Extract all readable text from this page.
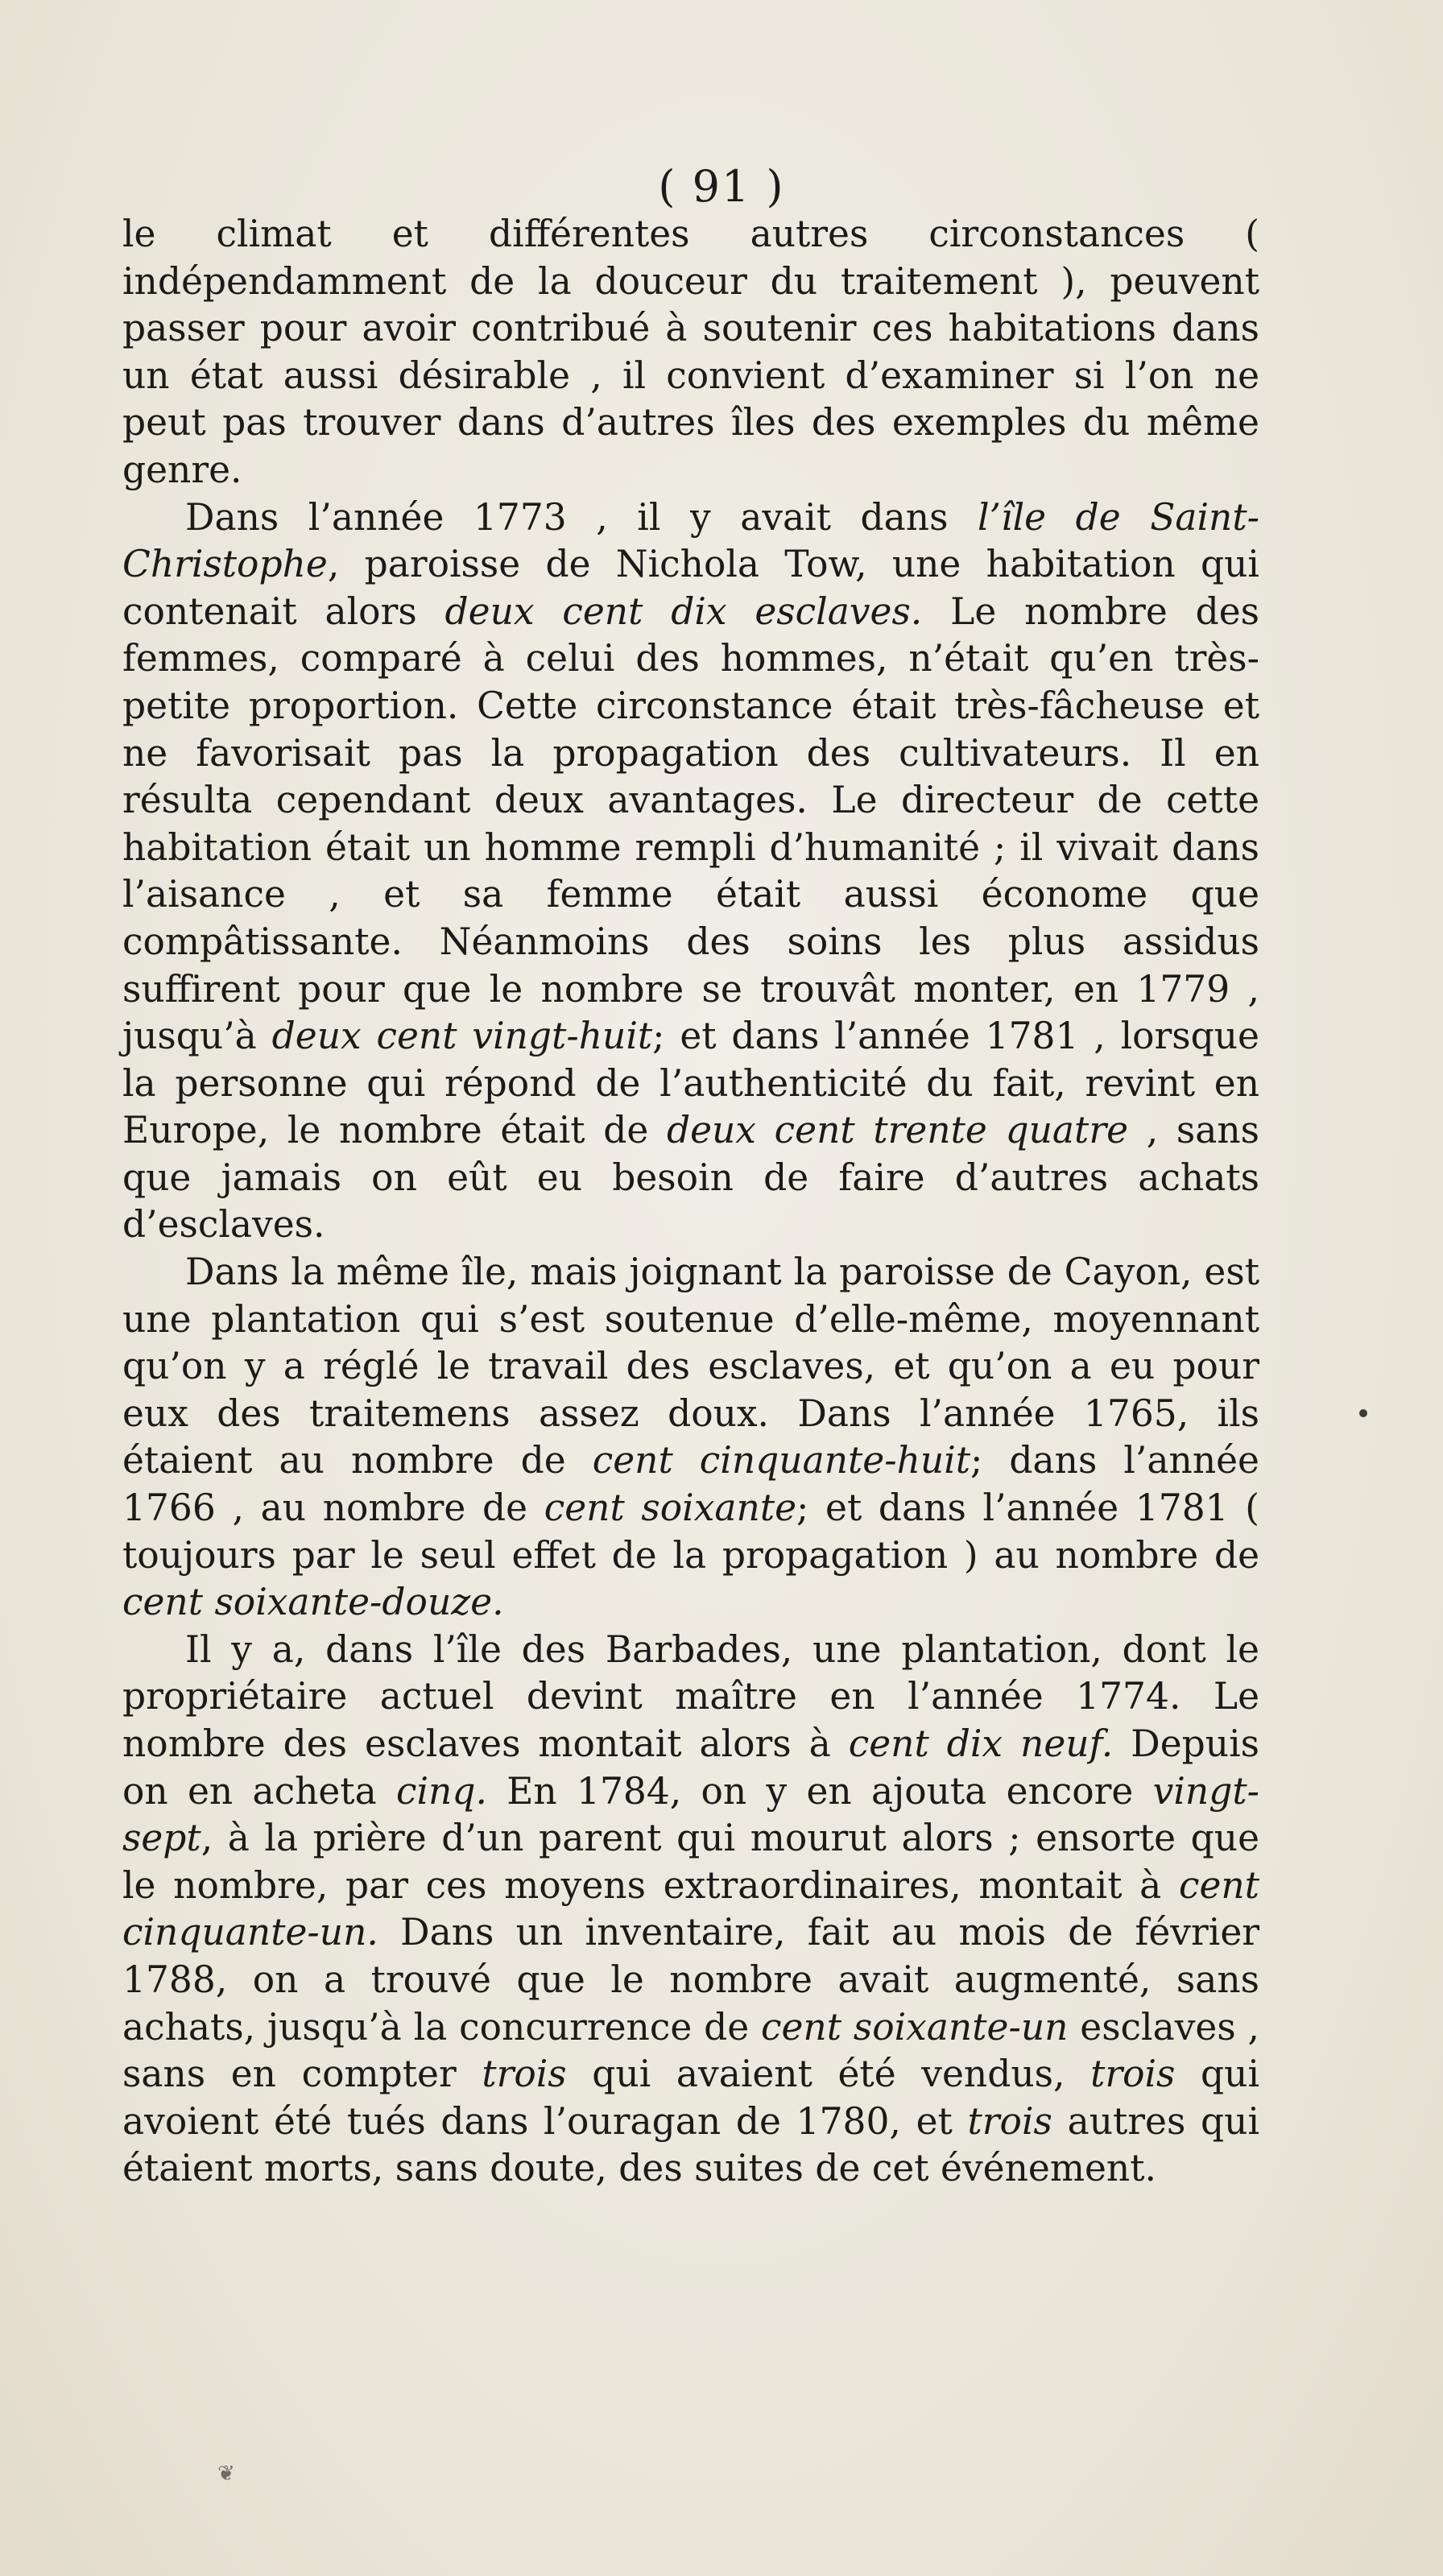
( 91 )

le climat et différentes autres circonstances ( indépendamment de la douceur du traitement ), peuvent passer pour avoir contribué à soutenir ces habitations dans un état aussi désirable , il convient d’examiner si l’on ne peut pas trouver dans d’autres îles des exemples du même genre.

Dans l’année 1773 , il y avait dans l’île de Saint-Christophe, paroisse de Nichola Tow, une habitation qui contenait alors deux cent dix esclaves. Le nombre des femmes, comparé à celui des hommes, n’était qu’en très-petite proportion. Cette circonstance était très-fâcheuse et ne favorisait pas la propagation des cultivateurs. Il en résulta cependant deux avantages. Le directeur de cette habitation était un homme rempli d’humanité ; il vivait dans l’aisance , et sa femme était aussi économe que compâtissante. Néanmoins des soins les plus assidus suffirent pour que le nombre se trouvât monter, en 1779 , jusqu’à deux cent vingt-huit; et dans l’année 1781 , lorsque la personne qui répond de l’authenticité du fait, revint en Europe, le nombre était de deux cent trente quatre , sans que jamais on eût eu besoin de faire d’autres achats d’esclaves.

Dans la même île, mais joignant la paroisse de Cayon, est une plantation qui s’est soutenue d’elle-même, moyennant qu’on y a réglé le travail des esclaves, et qu’on a eu pour eux des traitemens assez doux. Dans l’année 1765, ils étaient au nombre de cent cinquante-huit; dans l’année 1766 , au nombre de cent soixante; et dans l’année 1781 ( toujours par le seul effet de la propagation ) au nombre de cent soixante-douze.

Il y a, dans l’île des Barbades, une plantation, dont le propriétaire actuel devint maître en l’année 1774. Le nombre des esclaves montait alors à cent dix neuf. Depuis on en acheta cinq. En 1784, on y en ajouta encore vingt-sept, à la prière d’un parent qui mourut alors ; ensorte que le nombre, par ces moyens extraordinaires, montait à cent cinquante-un. Dans un inventaire, fait au mois de février 1788, on a trouvé que le nombre avait augmenté, sans achats, jusqu’à la concurrence de cent soixante-un esclaves , sans en compter trois qui avaient été vendus, trois qui avoient été tués dans l’ouragan de 1780, et trois autres qui étaient morts, sans doute, des suites de cet événement.

❦
